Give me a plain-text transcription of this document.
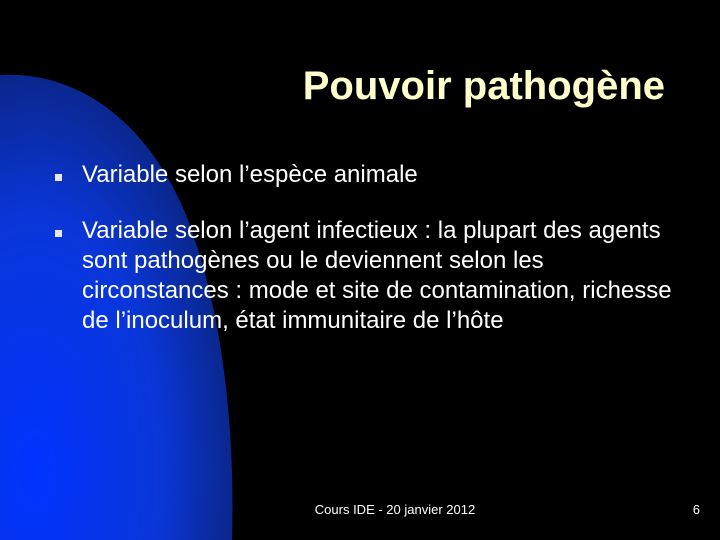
Pouvoir pathogène
Variable selon l’espèce animale
Variable selon l’agent infectieux : la plupart des agents sont pathogènes ou le deviennent selon les circonstances : mode et site de contamination, richesse de l’inoculum, état immunitaire de l’hôte
Cours IDE - 20 janvier 2012	6
